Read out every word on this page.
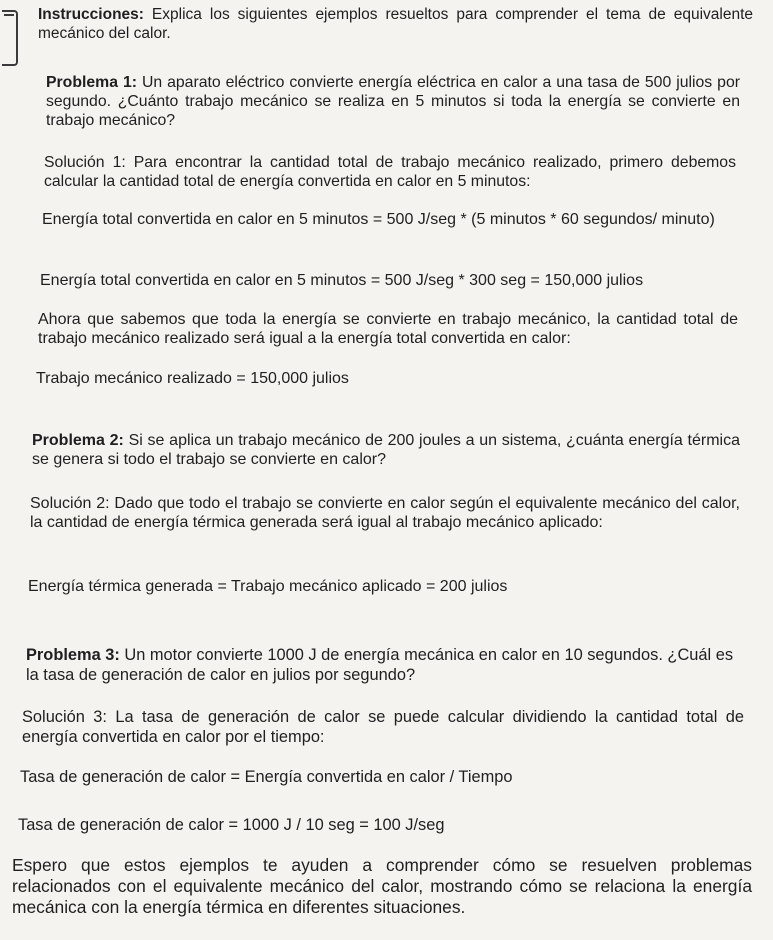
Instrucciones: Explica los siguientes ejemplos resueltos para comprender el tema de equivalente mecánico del calor.

Problema 1: Un aparato eléctrico convierte energía eléctrica en calor a una tasa de 500 julios por segundo. ¿Cuánto trabajo mecánico se realiza en 5 minutos si toda la energía se convierte en trabajo mecánico?

Solución 1: Para encontrar la cantidad total de trabajo mecánico realizado, primero debemos calcular la cantidad total de energía convertida en calor en 5 minutos:

Energía total convertida en calor en 5 minutos = 500 J/seg * (5 minutos * 60 segundos/ minuto)

Energía total convertida en calor en 5 minutos = 500 J/seg * 300 seg = 150,000 julios

Ahora que sabemos que toda la energía se convierte en trabajo mecánico, la cantidad total de trabajo mecánico realizado será igual a la energía total convertida en calor:

Trabajo mecánico realizado = 150,000 julios

Problema 2: Si se aplica un trabajo mecánico de 200 joules a un sistema, ¿cuánta energía térmica se genera si todo el trabajo se convierte en calor?

Solución 2: Dado que todo el trabajo se convierte en calor según el equivalente mecánico del calor, la cantidad de energía térmica generada será igual al trabajo mecánico aplicado:

Energía térmica generada = Trabajo mecánico aplicado = 200 julios

Problema 3: Un motor convierte 1000 J de energía mecánica en calor en 10 segundos. ¿Cuál es la tasa de generación de calor en julios por segundo?

Solución 3: La tasa de generación de calor se puede calcular dividiendo la cantidad total de energía convertida en calor por el tiempo:

Tasa de generación de calor = Energía convertida en calor / Tiempo

Tasa de generación de calor = 1000 J / 10 seg = 100 J/seg

Espero que estos ejemplos te ayuden a comprender cómo se resuelven problemas relacionados con el equivalente mecánico del calor, mostrando cómo se relaciona la energía mecánica con la energía térmica en diferentes situaciones.
